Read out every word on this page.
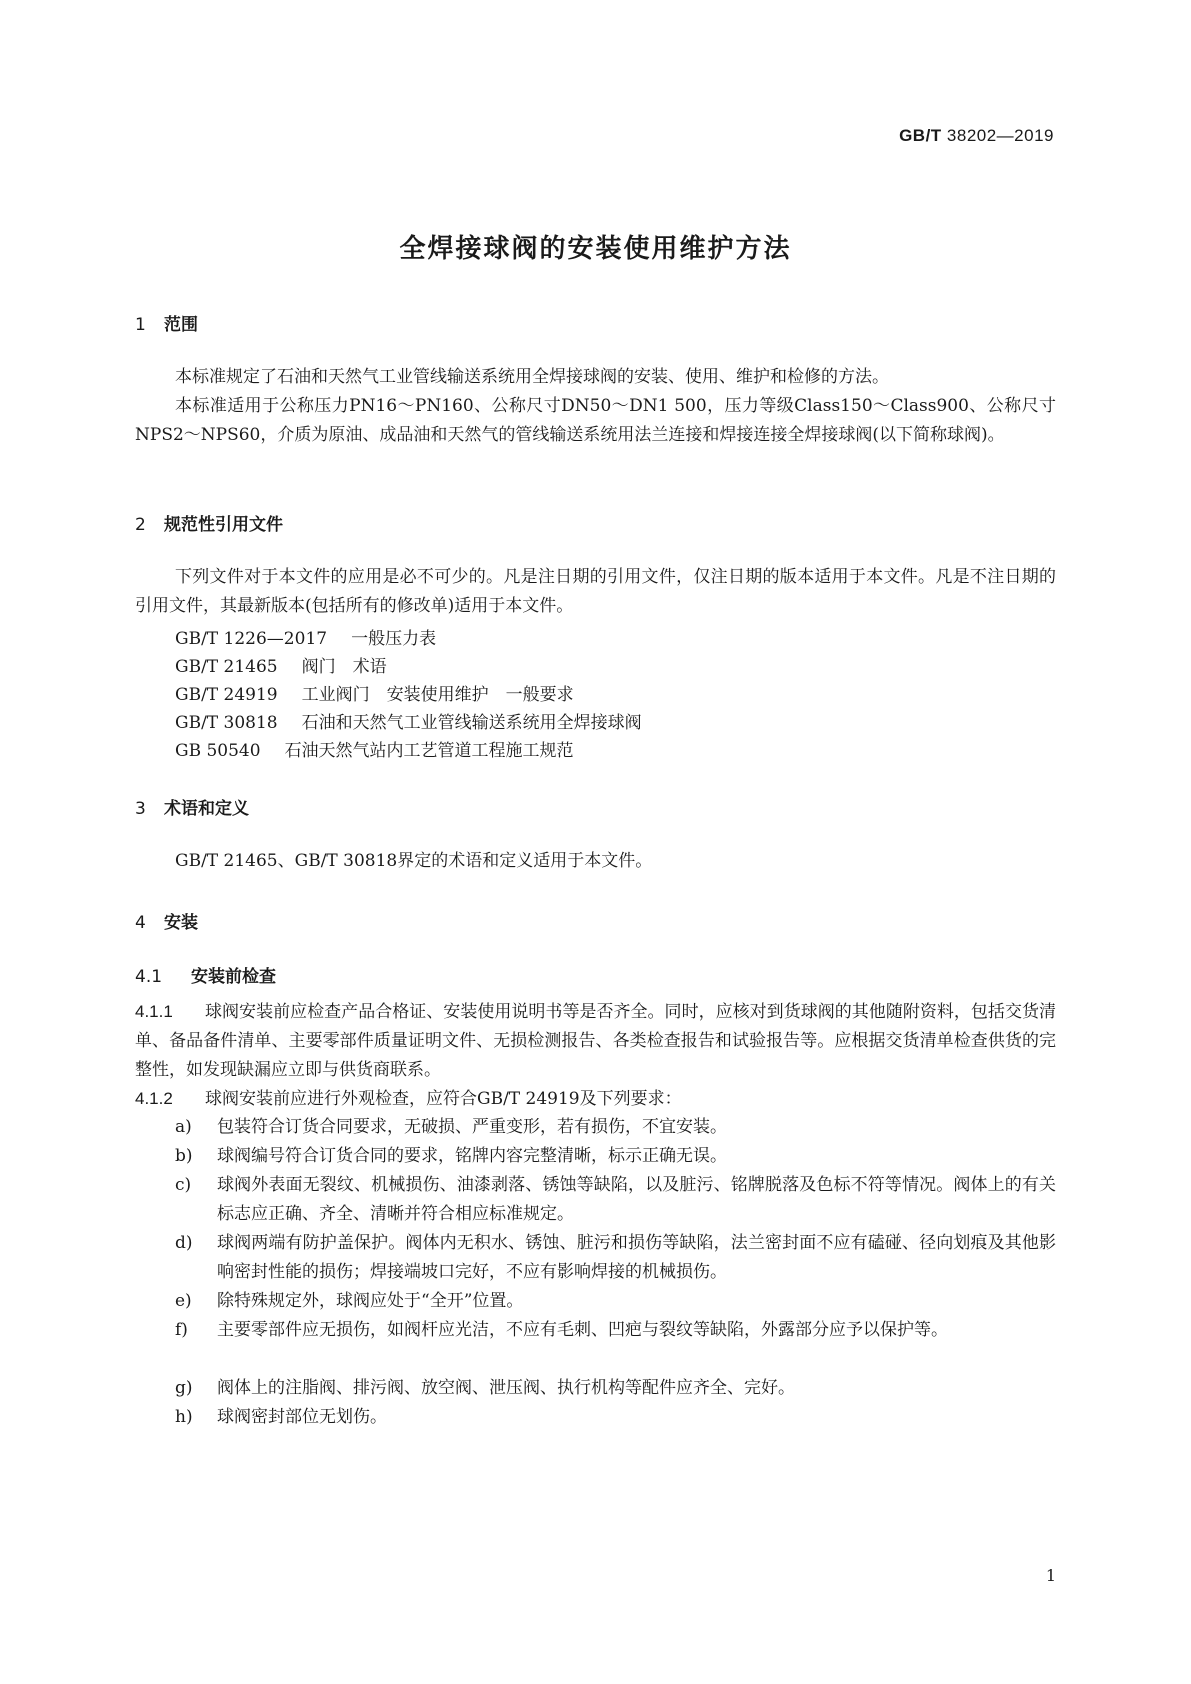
GB/T 38202—2019
全焊接球阀的安装使用维护方法
1 范围
本标准规定了石油和天然气工业管线输送系统用全焊接球阀的安装、使用、维护和检修的方法。
本标准适用于公称压力PN16～PN160、公称尺寸DN50～DN1 500，压力等级Class150～Class900、公称尺寸NPS2～NPS60，介质为原油、成品油和天然气的管线输送系统用法兰连接和焊接连接全焊接球阀(以下简称球阀)。
2 规范性引用文件
下列文件对于本文件的应用是必不可少的。凡是注日期的引用文件，仅注日期的版本适用于本文件。凡是不注日期的引用文件，其最新版本(包括所有的修改单)适用于本文件。
GB/T 1226—2017 一般压力表
GB/T 21465 阀门　术语
GB/T 24919 工业阀门　安装使用维护　一般要求
GB/T 30818 石油和天然气工业管线输送系统用全焊接球阀
GB 50540 石油天然气站内工艺管道工程施工规范
3 术语和定义
GB/T 21465、GB/T 30818界定的术语和定义适用于本文件。
4 安装
4.1 安装前检查
4.1.1 球阀安装前应检查产品合格证、安装使用说明书等是否齐全。同时，应核对到货球阀的其他随附资料，包括交货清单、备品备件清单、主要零部件质量证明文件、无损检测报告、各类检查报告和试验报告等。应根据交货清单检查供货的完整性，如发现缺漏应立即与供货商联系。
4.1.2 球阀安装前应进行外观检查，应符合GB/T 24919及下列要求：
a) 包装符合订货合同要求，无破损、严重变形，若有损伤，不宜安装。
b) 球阀编号符合订货合同的要求，铭牌内容完整清晰，标示正确无误。
c) 球阀外表面无裂纹、机械损伤、油漆剥落、锈蚀等缺陷，以及脏污、铭牌脱落及色标不符等情况。阀体上的有关标志应正确、齐全、清晰并符合相应标准规定。
d) 球阀两端有防护盖保护。阀体内无积水、锈蚀、脏污和损伤等缺陷，法兰密封面不应有磕碰、径向划痕及其他影响密封性能的损伤；焊接端坡口完好，不应有影响焊接的机械损伤。
e) 除特殊规定外，球阀应处于“全开”位置。
f) 主要零部件应无损伤，如阀杆应光洁，不应有毛刺、凹疤与裂纹等缺陷，外露部分应予以保护等。
g) 阀体上的注脂阀、排污阀、放空阀、泄压阀、执行机构等配件应齐全、完好。
h) 球阀密封部位无划伤。
1
